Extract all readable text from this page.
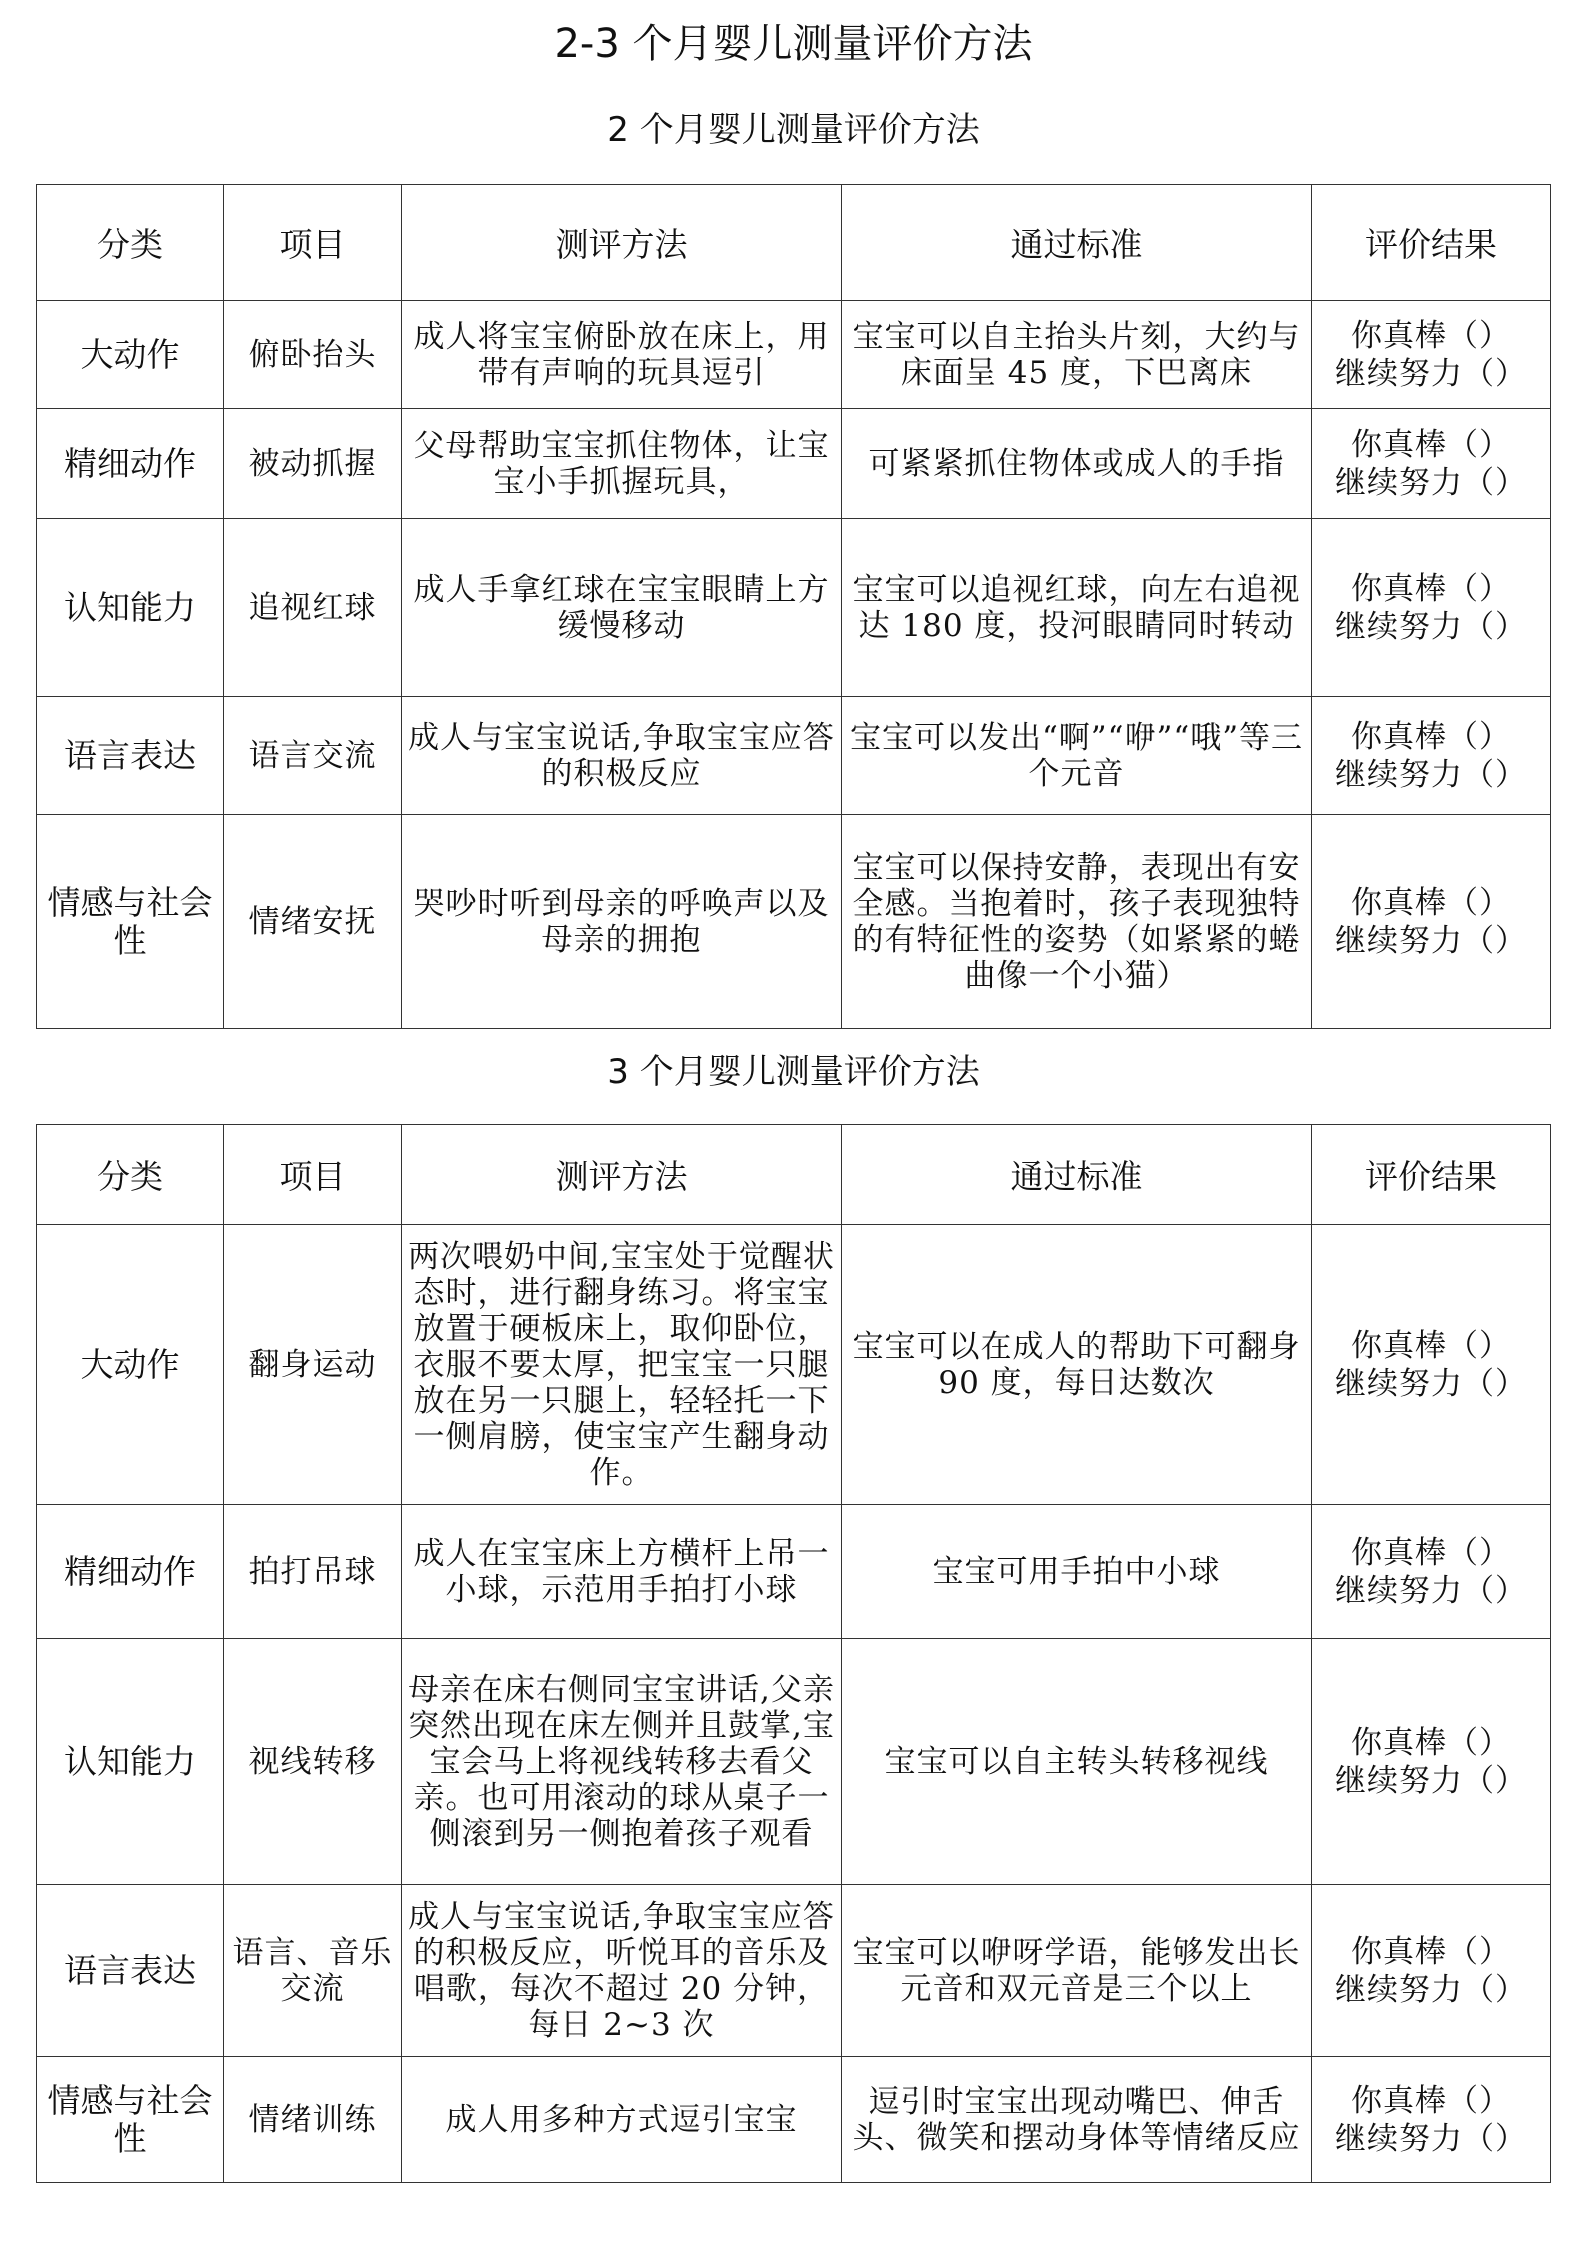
2-3 个月婴儿测量评价方法
2 个月婴儿测量评价方法
分类	项目	测评方法	通过标准	评价结果
大动作	俯卧抬头	成人将宝宝俯卧放在床上，用带有声响的玩具逗引	宝宝可以自主抬头片刻，大约与床面呈 45 度，下巴离床	你真棒（）
继续努力（）

精细动作	被动抓握	父母帮助宝宝抓住物体，让宝宝小手抓握玩具，	可紧紧抓住物体或成人的手指	你真棒（）
继续努力（）

认知能力	追视红球	成人手拿红球在宝宝眼睛上方缓慢移动	宝宝可以追视红球，向左右追视达 180 度，投河眼睛同时转动	你真棒（）
继续努力（）

语言表达	语言交流	成人与宝宝说话,争取宝宝应答的积极反应	宝宝可以发出“啊”“咿”“哦”等三个元音	你真棒（）
继续努力（）

情感与社会性	情绪安抚	哭吵时听到母亲的呼唤声以及母亲的拥抱	宝宝可以保持安静，表现出有安全感。当抱着时，孩子表现独特的有特征性的姿势（如紧紧的蜷曲像一个小猫）	你真棒（）
继续努力（）
3 个月婴儿测量评价方法
分类	项目	测评方法	通过标准	评价结果
大动作	翻身运动	两次喂奶中间,宝宝处于觉醒状态时，进行翻身练习。将宝宝放置于硬板床上，取仰卧位，衣服不要太厚，把宝宝一只腿放在另一只腿上，轻轻托一下一侧肩膀，使宝宝产生翻身动作。	宝宝可以在成人的帮助下可翻身 90 度，每日达数次	你真棒（）
继续努力（）

精细动作	拍打吊球	成人在宝宝床上方横杆上吊一小球，示范用手拍打小球	宝宝可用手拍中小球	你真棒（）
继续努力（）

认知能力	视线转移	母亲在床右侧同宝宝讲话,父亲突然出现在床左侧并且鼓掌,宝宝会马上将视线转移去看父亲。也可用滚动的球从桌子一侧滚到另一侧抱着孩子观看	宝宝可以自主转头转移视线	你真棒（）
继续努力（）

语言表达	语言、音乐交流	成人与宝宝说话,争取宝宝应答的积极反应，听悦耳的音乐及唱歌，每次不超过 20 分钟，每日 2~3 次	宝宝可以咿呀学语，能够发出长元音和双元音是三个以上	你真棒（）
继续努力（）

情感与社会性	情绪训练	成人用多种方式逗引宝宝	逗引时宝宝出现动嘴巴、伸舌头、微笑和摆动身体等情绪反应	你真棒（）
继续努力（）
